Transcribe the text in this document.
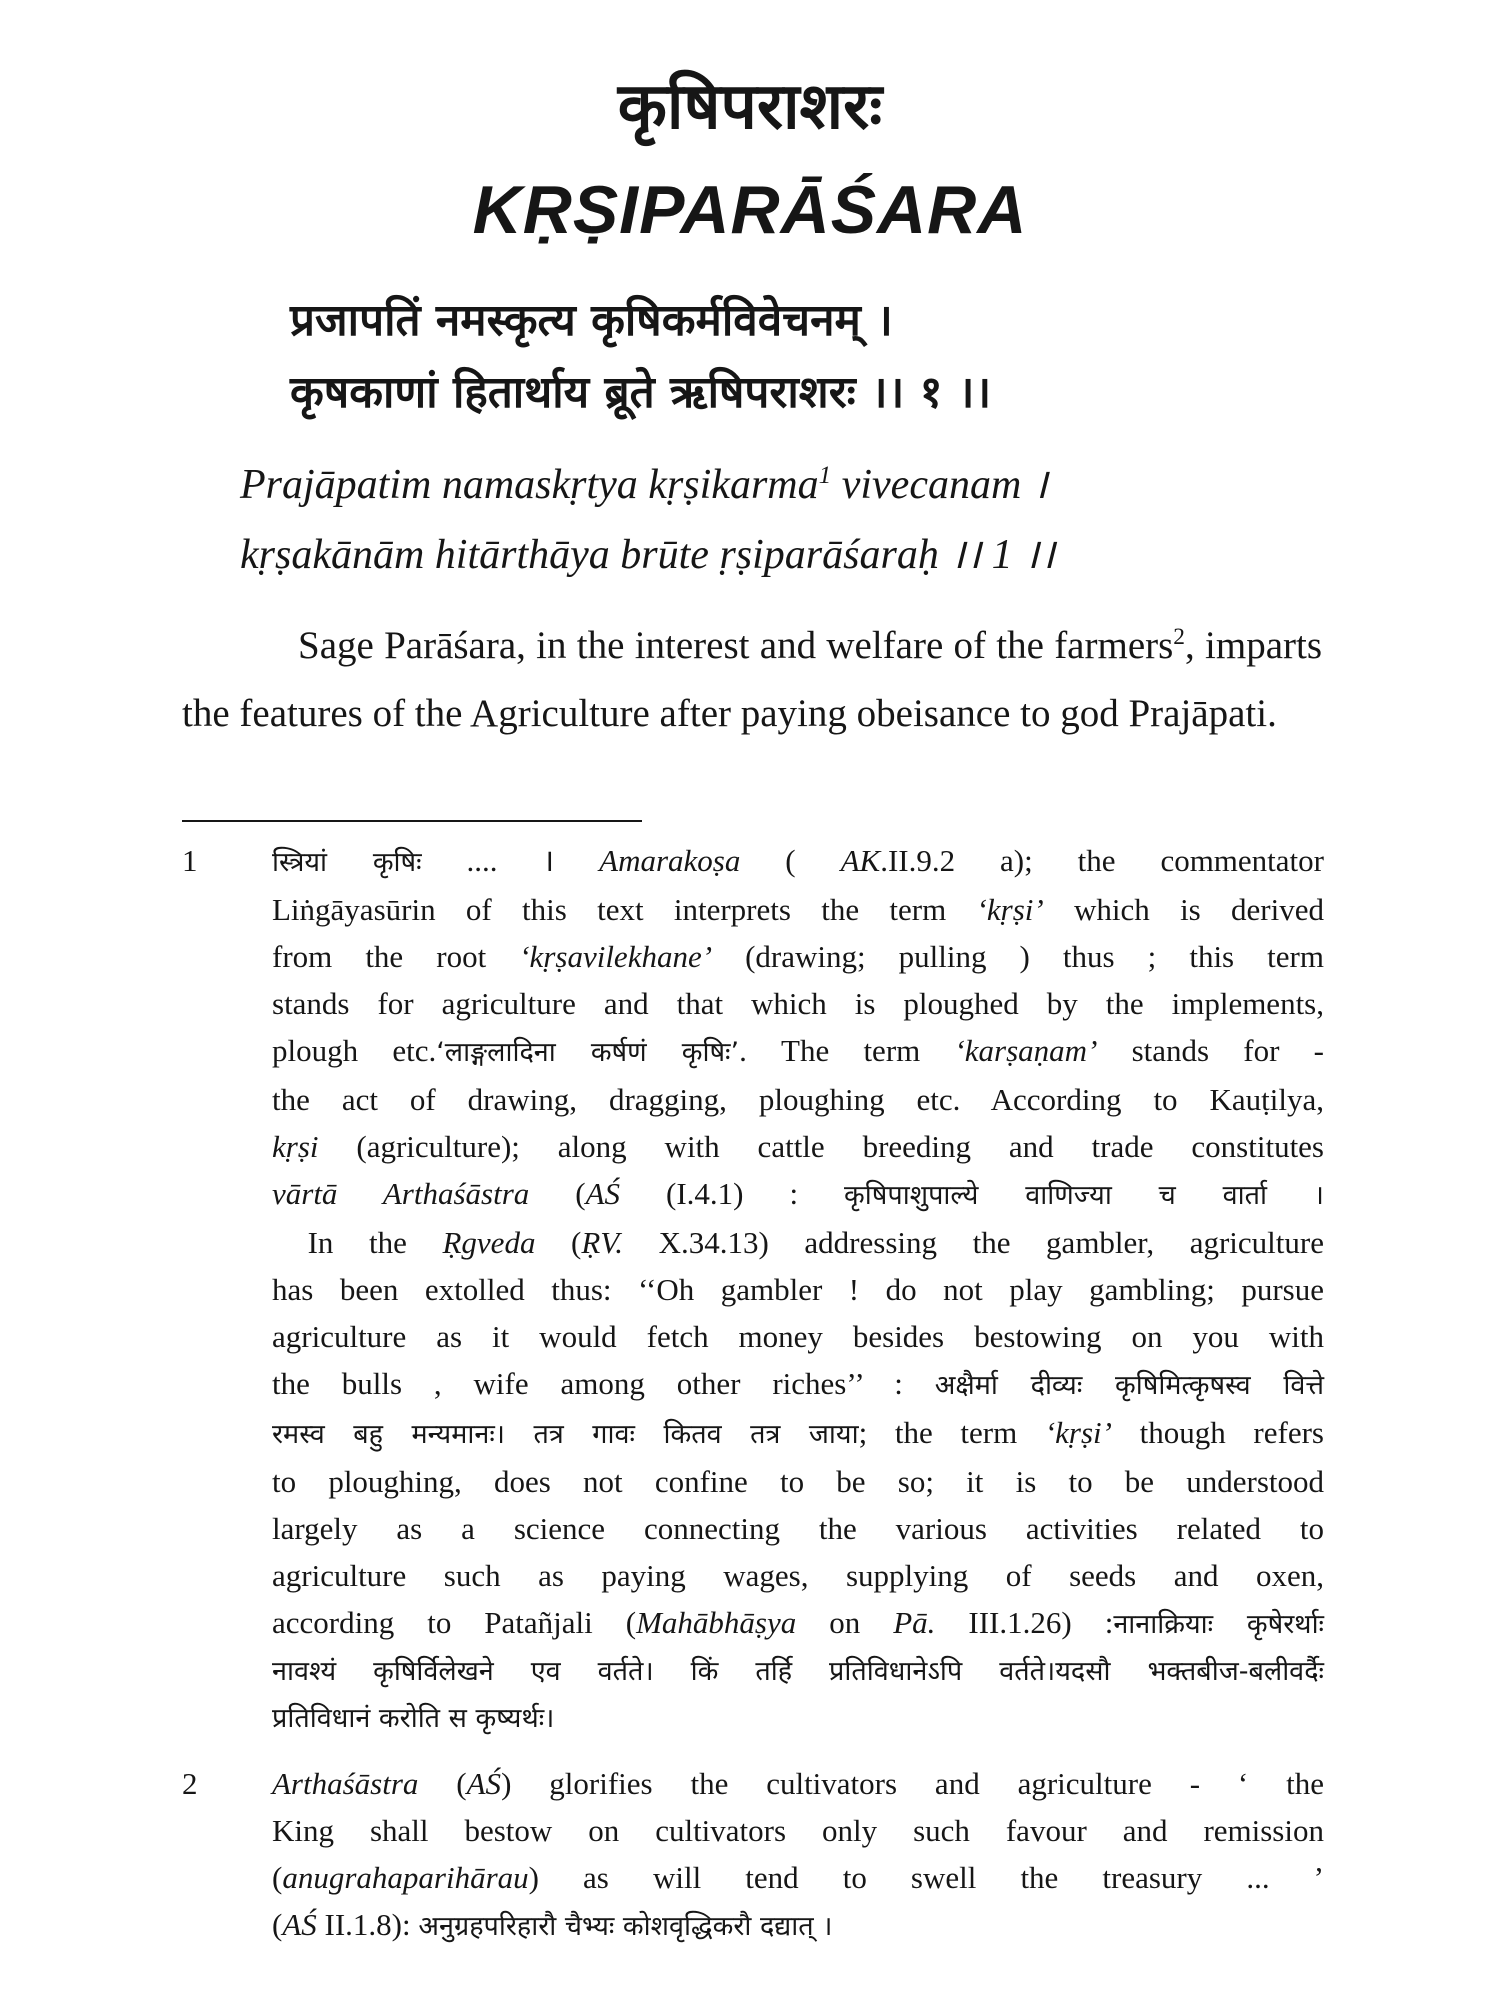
कृषिपराशरः
KṚṢIPARĀŚARA
प्रजापतिं नमस्कृत्य कृषिकर्मविवेचनम् ।
कृषकाणां हितार्थाय ब्रूते ऋषिपराशरः ।। १ ।।
Prajāpatim namaskṛtya kṛṣikarma$^1$ vivecanam ।
kṛṣakānām hitārthāya brūte ṛṣiparāśaraḥ ।। 1 ।।
Sage Parāśara, in the interest and welfare of the farmers$^2$, imparts the features of the Agriculture after paying obeisance to god Prajāpati.
1	स्त्रियां कृषिः .... । Amarakoṣa ( AK.II.9.2 a); the commentator
Liṅgāyasūrin of this text interprets the term ‘kṛṣi’ which is derived
from the root ‘kṛṣavilekhane’ (drawing; pulling ) thus ; this term
stands for agriculture and that which is ploughed by the implements,
plough etc.‘लाङ्गलादिना कर्षणं कृषिः’. The term ‘karṣaṇam’ stands for -
the act of drawing, dragging, ploughing etc. According to Kauṭilya,
kṛṣi (agriculture); along with cattle breeding and trade constitutes
vārtā Arthaśāstra (AŚ (I.4.1) : कृषिपाशुपाल्ये वाणिज्या च वार्ता ।
In the Ṛgveda (ṚV. X.34.13) addressing the gambler, agriculture
has been extolled thus: ‘‘Oh gambler ! do not play gambling; pursue
agriculture as it would fetch money besides bestowing on you with
the bulls , wife among other riches’’ : अक्षैर्मा दीव्यः कृषिमित्कृषस्व वित्ते
रमस्व बहु मन्यमानः। तत्र गावः कितव तत्र जाया; the term ‘kṛṣi’ though refers
to ploughing, does not confine to be so; it is to be understood
largely as a science connecting the various activities related to
agriculture such as paying wages, supplying of seeds and oxen,
according to Patañjali (Mahābhāṣya on Pā. III.1.26) :नानाक्रियाः कृषेरर्थाः
नावश्यं कृषिर्विलेखने एव वर्तते। किं तर्हि प्रतिविधानेऽपि वर्तते।यदसौ भक्तबीज-बलीवर्दैः
प्रतिविधानं करोति स कृष्यर्थः।
2 Arthaśāstra (AŚ) glorifies the cultivators and agriculture - ‘ the
King shall bestow on cultivators only such favour and remission
(anugrahaparihārau) as will tend to swell the treasury ... ’
(AŚ II.1.8): अनुग्रहपरिहारौ चैभ्यः कोशवृद्धिकरौ दद्यात् ।
